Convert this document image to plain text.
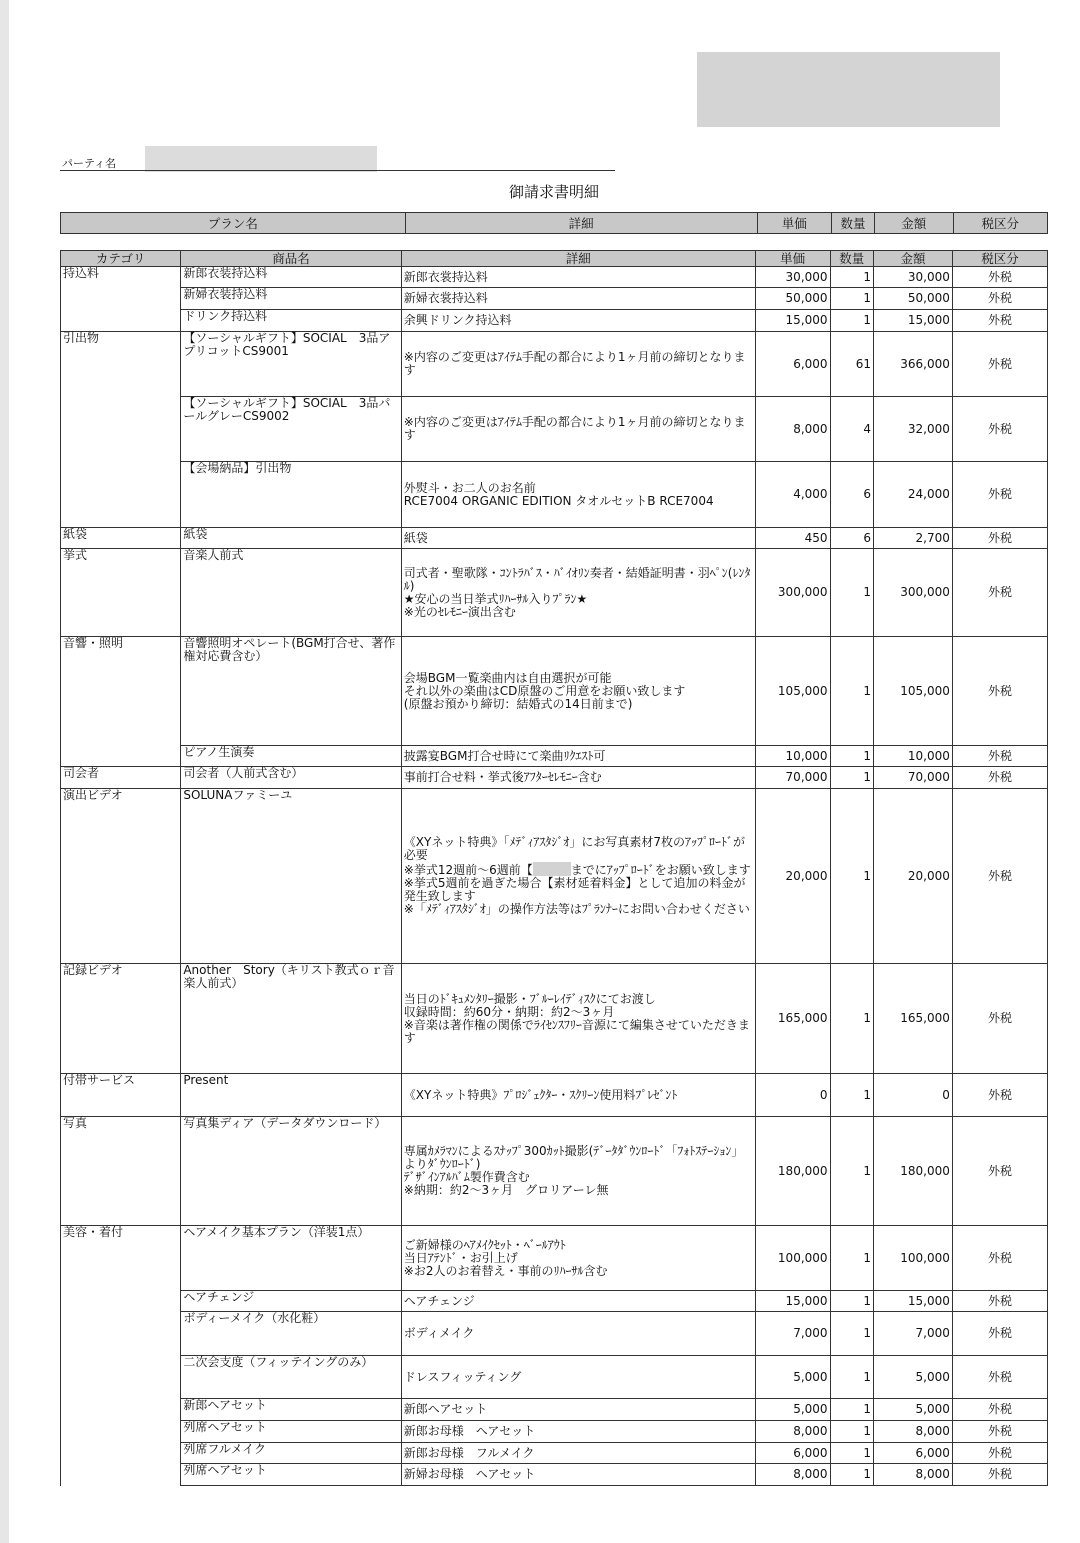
パーティ名
御請求書明細
プラン名	詳細	単価	数量	金額	税区分
カテゴリ	商品名	詳細	単価	数量	金額	税区分
持込料	新郎衣装持込料	新郎衣裳持込料	30,000	1	30,000	外税
	新婦衣装持込料	新婦衣裳持込料	50,000	1	50,000	外税
	ドリンク持込料	余興ドリンク持込料	15,000	1	15,000	外税
引出物	【ソーシャルギフト】SOCIAL　3品アプリコットCS9001	※内容のご変更はｱｲﾃﾑ手配の都合により1ヶ月前の締切となります	6,000	61	366,000	外税
	【ソーシャルギフト】SOCIAL　3品パールグレーCS9002	※内容のご変更はｱｲﾃﾑ手配の都合により1ヶ月前の締切となります	8,000	4	32,000	外税
	【会場納品】引出物	外熨斗・お二人のお名前
RCE7004 ORGANIC EDITION タオルセットB RCE7004	4,000	6	24,000	外税
紙袋	紙袋	紙袋	450	6	2,700	外税
挙式	音楽人前式	司式者・聖歌隊・ｺﾝﾄﾗﾊﾞｽ・ﾊﾞｲｵﾘﾝ奏者・結婚証明書・羽ﾍﾟﾝ(ﾚﾝﾀﾙ)
★安心の当日挙式ﾘﾊｰｻﾙ入りﾌﾟﾗﾝ★
※光のｾﾚﾓﾆｰ演出含む	300,000	1	300,000	外税
音響・照明	音響照明オペレート(BGM打合せ、著作権対応費含む）	会場BGM一覧楽曲内は自由選択が可能
それ以外の楽曲はCD原盤のご用意をお願い致します
(原盤お預かり締切：結婚式の14日前まで)	105,000	1	105,000	外税
	ピアノ生演奏	披露宴BGM打合せ時にて楽曲ﾘｸｴｽﾄ可	10,000	1	10,000	外税
司会者	司会者（人前式含む）	事前打合せ料・挙式後ｱﾌﾀｰｾﾚﾓﾆｰ含む	70,000	1	70,000	外税
演出ビデオ	SOLUNAファミーユ	《XYネット特典》「ﾒﾃﾞｨｱｽﾀｼﾞｵ」にお写真素材7枚のｱｯﾌﾟﾛｰﾄﾞが必要
※挙式12週前～6週前【 までにｱｯﾌﾟﾛｰﾄﾞをお願い致します
※挙式5週前を過ぎた場合【素材延着料金】として追加の料金が発生致します
※「ﾒﾃﾞｨｱｽﾀｼﾞｵ」の操作方法等はﾌﾟﾗﾝﾅｰにお問い合わせください	20,000	1	20,000	外税
記録ビデオ	Another　Story（キリスト教式ｏｒ音楽人前式）	当日のﾄﾞｷｭﾒﾝﾀﾘｰ撮影・ﾌﾞﾙｰﾚｲﾃﾞｨｽｸにてお渡し
収録時間：約60分・納期：約2～3ヶ月
※音楽は著作権の関係でﾗｲｾﾝｽﾌﾘｰ音源にて編集させていただきます	165,000	1	165,000	外税
付帯サービス	Present	《XYネット特典》ﾌﾟﾛｼﾞｪｸﾀｰ・ｽｸﾘｰﾝ使用料ﾌﾟﾚｾﾞﾝﾄ	0	1	0	外税
写真	写真集ディア（データダウンロード）	専属ｶﾒﾗﾏﾝによるｽﾅｯﾌﾟ300ｶｯﾄ撮影(ﾃﾞｰﾀﾀﾞｳﾝﾛｰﾄﾞ「ﾌｫﾄｽﾃｰｼｮﾝ」よりﾀﾞｳﾝﾛｰﾄﾞ)
ﾃﾞｻﾞｲﾝｱﾙﾊﾞﾑ製作費含む
※納期：約2～3ヶ月　グロリアーレ無	180,000	1	180,000	外税
美容・着付	ヘアメイク基本プラン（洋装1点）	ご新婦様のﾍｱﾒｲｸｾｯﾄ・ﾍﾞｰﾙｱｳﾄ
当日ｱﾃﾝﾄﾞ・お引上げ
※お2人のお着替え・事前のﾘﾊｰｻﾙ含む	100,000	1	100,000	外税
	ヘアチェンジ	ヘアチェンジ	15,000	1	15,000	外税
	ボディーメイク（水化粧）	ボディメイク	7,000	1	7,000	外税
	二次会支度（フィッテイングのみ）	ドレスフィッティング	5,000	1	5,000	外税
	新郎ヘアセット	新郎ヘアセット	5,000	1	5,000	外税
	列席ヘアセット	新郎お母様　ヘアセット	8,000	1	8,000	外税
	列席フルメイク	新郎お母様　フルメイク	6,000	1	6,000	外税
	列席ヘアセット	新婦お母様　ヘアセット	8,000	1	8,000	外税
